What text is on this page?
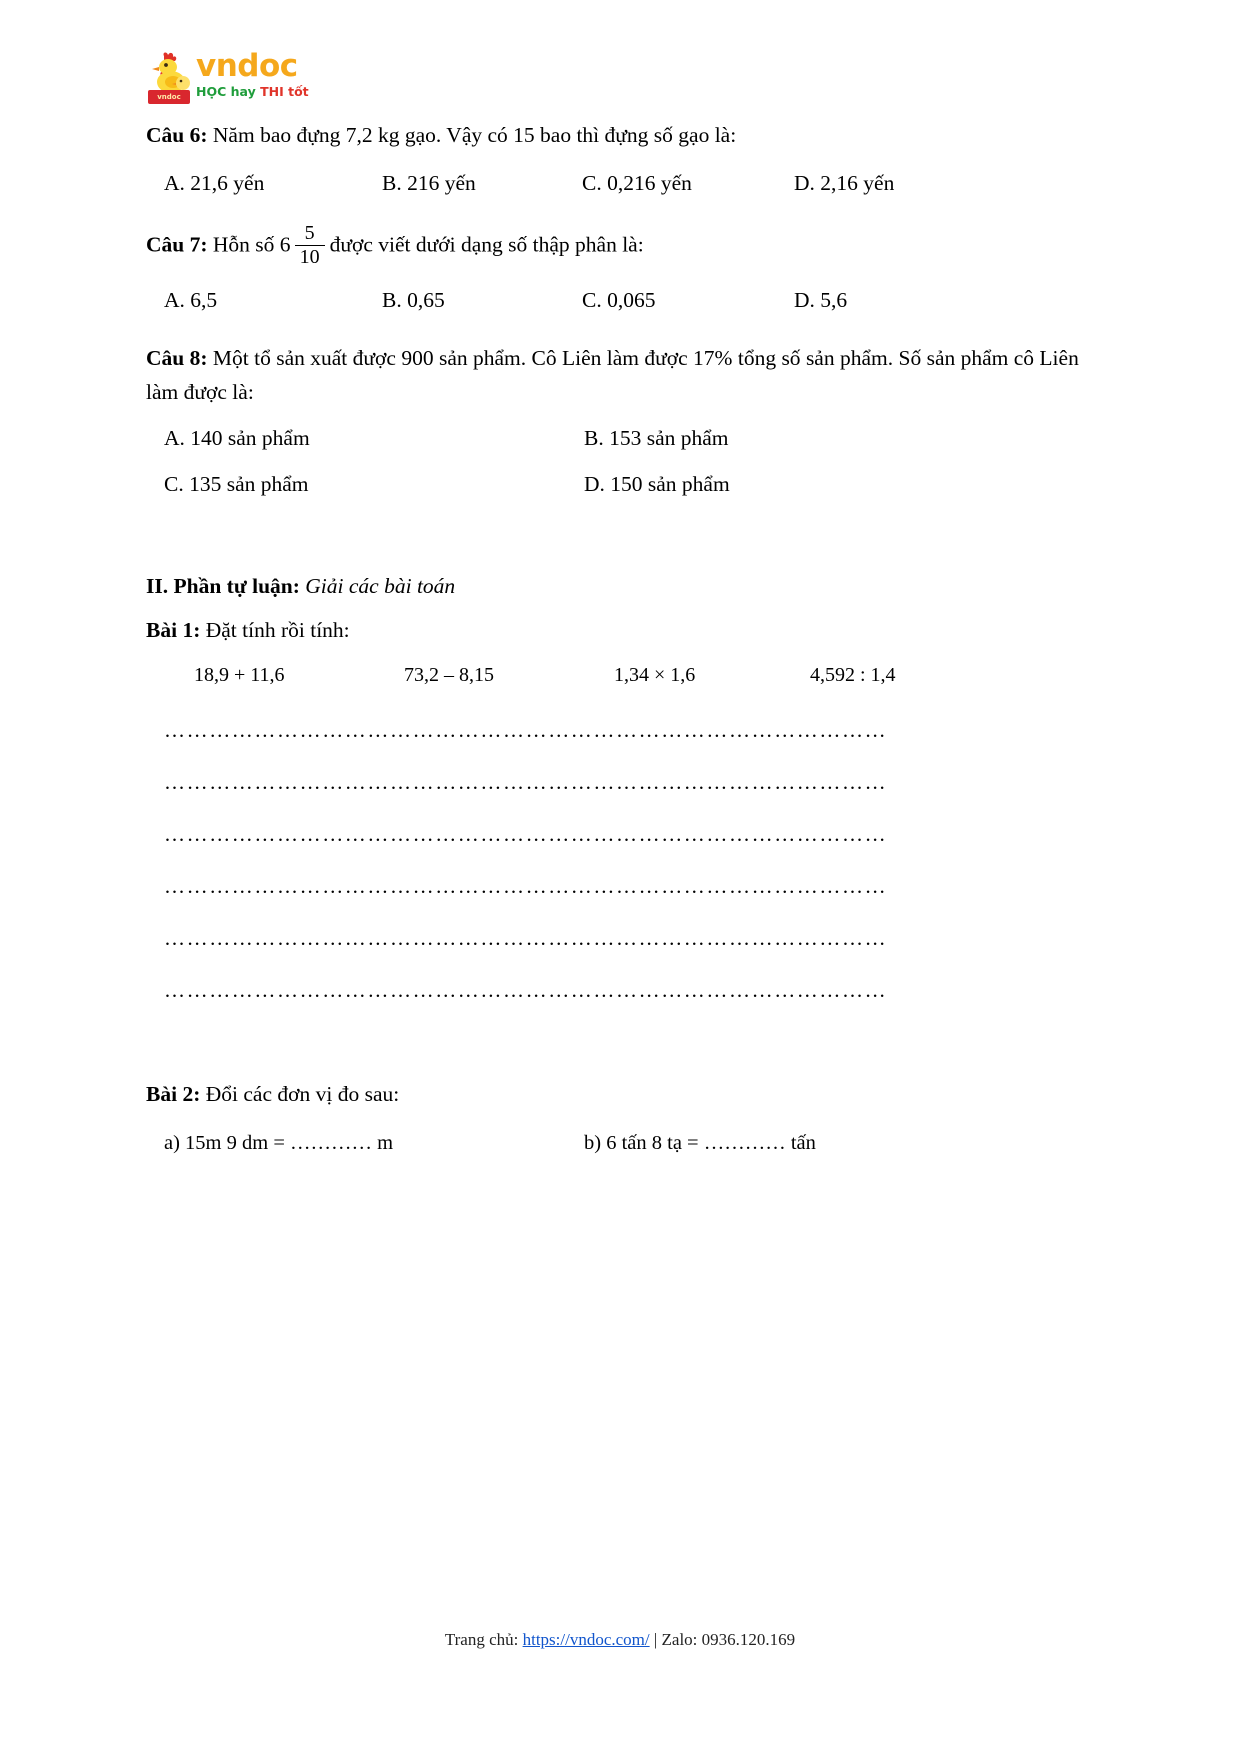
vndoc
vndoc
HỌC hay THI tốt

Câu 6: Năm bao đựng 7,2 kg gạo. Vậy có 15 bao thì đựng số gạo là:

A. 21,6 yến	B. 216 yến	C. 0,216 yến	D. 2,16 yến

Câu 7: Hỗn số $6 \frac{5}{10}$ được viết dưới dạng số thập phân là:

A. 6,5	B. 0,65	C. 0,065	D. 5,6

Câu 8: Một tổ sản xuất được 900 sản phẩm. Cô Liên làm được 17% tổng số sản phẩm. Số sản phẩm cô Liên làm được là:

A. 140 sản phẩm	B. 153 sản phẩm
C. 135 sản phẩm	D. 150 sản phẩm

II. Phần tự luận: Giải các bài toán

Bài 1: Đặt tính rồi tính:

18,9 + 11,6	73,2 – 8,15	1,34 × 1,6	4,592 : 1,4
……………………………………………………………………………………
……………………………………………………………………………………
……………………………………………………………………………………
……………………………………………………………………………………
……………………………………………………………………………………
……………………………………………………………………………………

Bài 2: Đổi các đơn vị đo sau:

a) 15m 9 dm = ………… m	b) 6 tấn 8 tạ = ………… tấn
Trang chủ: https://vndoc.com/ | Zalo: 0936.120.169
